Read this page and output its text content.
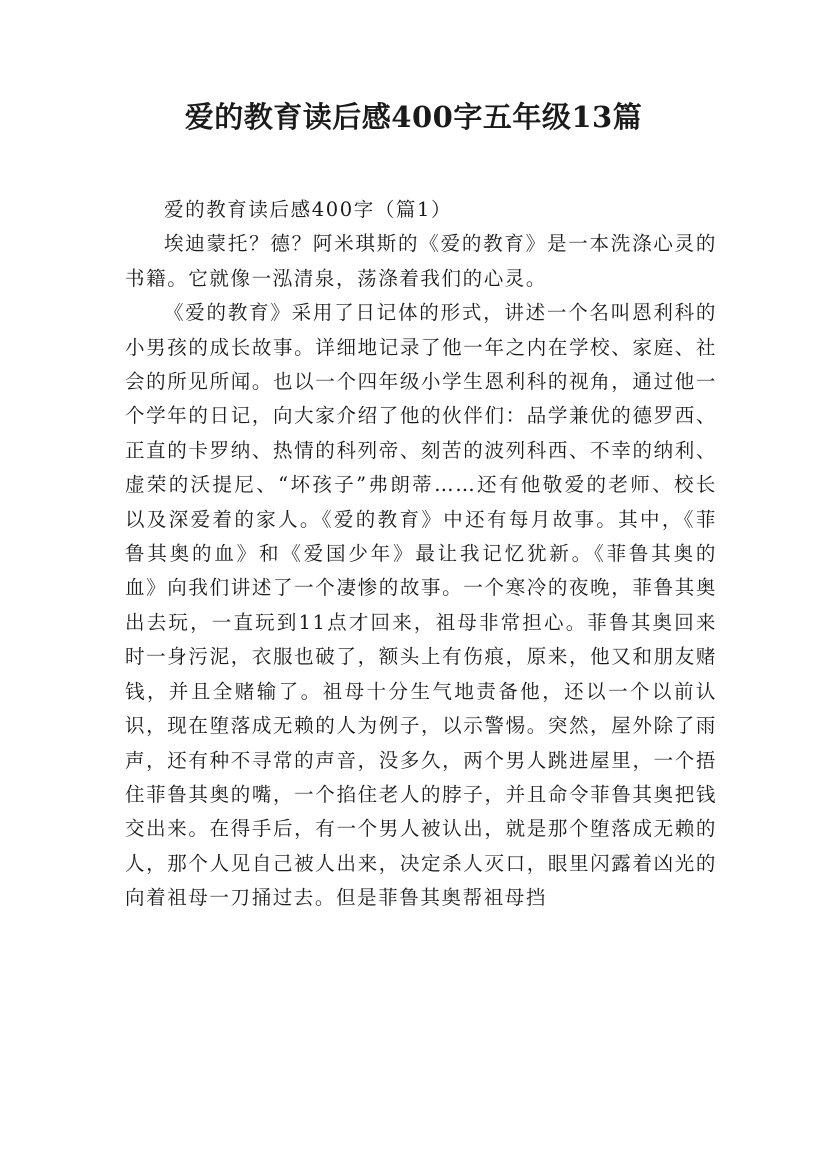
爱的教育读后感400字五年级13篇

爱的教育读后感400字（篇1）

埃迪蒙托？德？阿米琪斯的《爱的教育》是一本洗涤心灵的书籍。它就像一泓清泉，荡涤着我们的心灵。

《爱的教育》采用了日记体的形式，讲述一个名叫恩利科的小男孩的成长故事。详细地记录了他一年之内在学校、家庭、社会的所见所闻。也以一个四年级小学生恩利科的视角，通过他一个学年的日记，向大家介绍了他的伙伴们：品学兼优的德罗西、正直的卡罗纳、热情的科列帝、刻苦的波列科西、不幸的纳利、虚荣的沃提尼、“坏孩子”弗朗蒂……还有他敬爱的老师、校长以及深爱着的家人。《爱的教育》中还有每月故事。其中，《菲鲁其奥的血》和《爱国少年》最让我记忆犹新。《菲鲁其奥的血》向我们讲述了一个凄惨的故事。一个寒冷的夜晚，菲鲁其奥出去玩，一直玩到11点才回来，祖母非常担心。菲鲁其奥回来时一身污泥，衣服也破了，额头上有伤痕，原来，他又和朋友赌钱，并且全赌输了。祖母十分生气地责备他，还以一个以前认识，现在堕落成无赖的人为例子，以示警惕。突然，屋外除了雨声，还有种不寻常的声音，没多久，两个男人跳进屋里，一个捂住菲鲁其奥的嘴，一个掐住老人的脖子，并且命令菲鲁其奥把钱交出来。在得手后，有一个男人被认出，就是那个堕落成无赖的人，那个人见自己被人出来，决定杀人灭口，眼里闪露着凶光的向着祖母一刀捅过去。但是菲鲁其奥帮祖母挡
